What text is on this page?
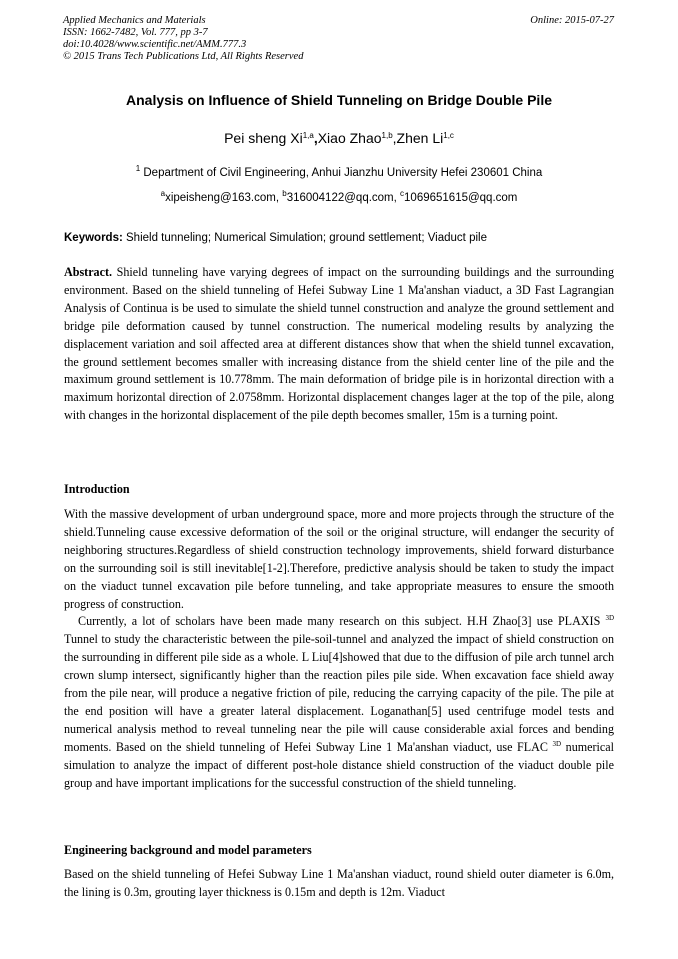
Applied Mechanics and Materials
ISSN: 1662-7482, Vol. 777, pp 3-7
doi:10.4028/www.scientific.net/AMM.777.3
© 2015 Trans Tech Publications Ltd, All Rights Reserved
Online: 2015-07-27
Analysis on Influence of Shield Tunneling on Bridge Double Pile
Pei sheng Xi$^{1,a}$,Xiao Zhao$^{1,b}$,Zhen Li$^{1,c}$
$^1$ Department of Civil Engineering, Anhui Jianzhu University Hefei 230601 China
$^a$xipeisheng@163.com, $^b$316004122@qq.com, $^c$1069651615@qq.com
Keywords: Shield tunneling; Numerical Simulation; ground settlement; Viaduct pile

Abstract. Shield tunneling have varying degrees of impact on the surrounding buildings and the surrounding environment. Based on the shield tunneling of Hefei Subway Line 1 Ma'anshan viaduct, a 3D Fast Lagrangian Analysis of Continua is be used to simulate the shield tunnel construction and analyze the ground settlement and bridge pile deformation caused by tunnel construction. The numerical modeling results by analyzing the displacement variation and soil affected area at different distances show that when the shield tunnel excavation, the ground settlement becomes smaller with increasing distance from the shield center line of the pile and the maximum ground settlement is 10.778mm. The main deformation of bridge pile is in horizontal direction with a maximum horizontal direction of 2.0758mm. Horizontal displacement changes lager at the top of the pile, along with changes in the horizontal displacement of the pile depth becomes smaller, 15m is a turning point.

Introduction

With the massive development of urban underground space, more and more projects through the structure of the shield.Tunneling cause excessive deformation of the soil or the original structure, will endanger the security of neighboring structures.Regardless of shield construction technology improvements, shield forward disturbance on the surrounding soil is still inevitable[1-2].Therefore, predictive analysis should be taken to study the impact on the viaduct tunnel excavation pile before tunneling, and take appropriate measures to ensure the smooth progress of construction.

Currently, a lot of scholars have been made many research on this subject. H.H Zhao[3] use PLAXIS $^{3D}$ Tunnel to study the characteristic between the pile-soil-tunnel and analyzed the impact of shield construction on the surrounding in different pile side as a whole. L Liu[4]showed that due to the diffusion of pile arch tunnel arch crown slump intersect, significantly higher than the reaction piles pile side. When excavation face shield away from the pile near, will produce a negative friction of pile, reducing the carrying capacity of the pile. The pile at the end position will have a greater lateral displacement. Loganathan[5] used centrifuge model tests and numerical analysis method to reveal tunneling near the pile will cause considerable axial forces and bending moments. Based on the shield tunneling of Hefei Subway Line 1 Ma'anshan viaduct, use FLAC $^{3D}$ numerical simulation to analyze the impact of different post-hole distance shield construction of the viaduct double pile group and have important implications for the successful construction of the shield tunneling.

Engineering background and model parameters

Based on the shield tunneling of Hefei Subway Line 1 Ma'anshan viaduct, round shield outer diameter is 6.0m, the lining is 0.3m, grouting layer thickness is 0.15m and depth is 12m. Viaduct
